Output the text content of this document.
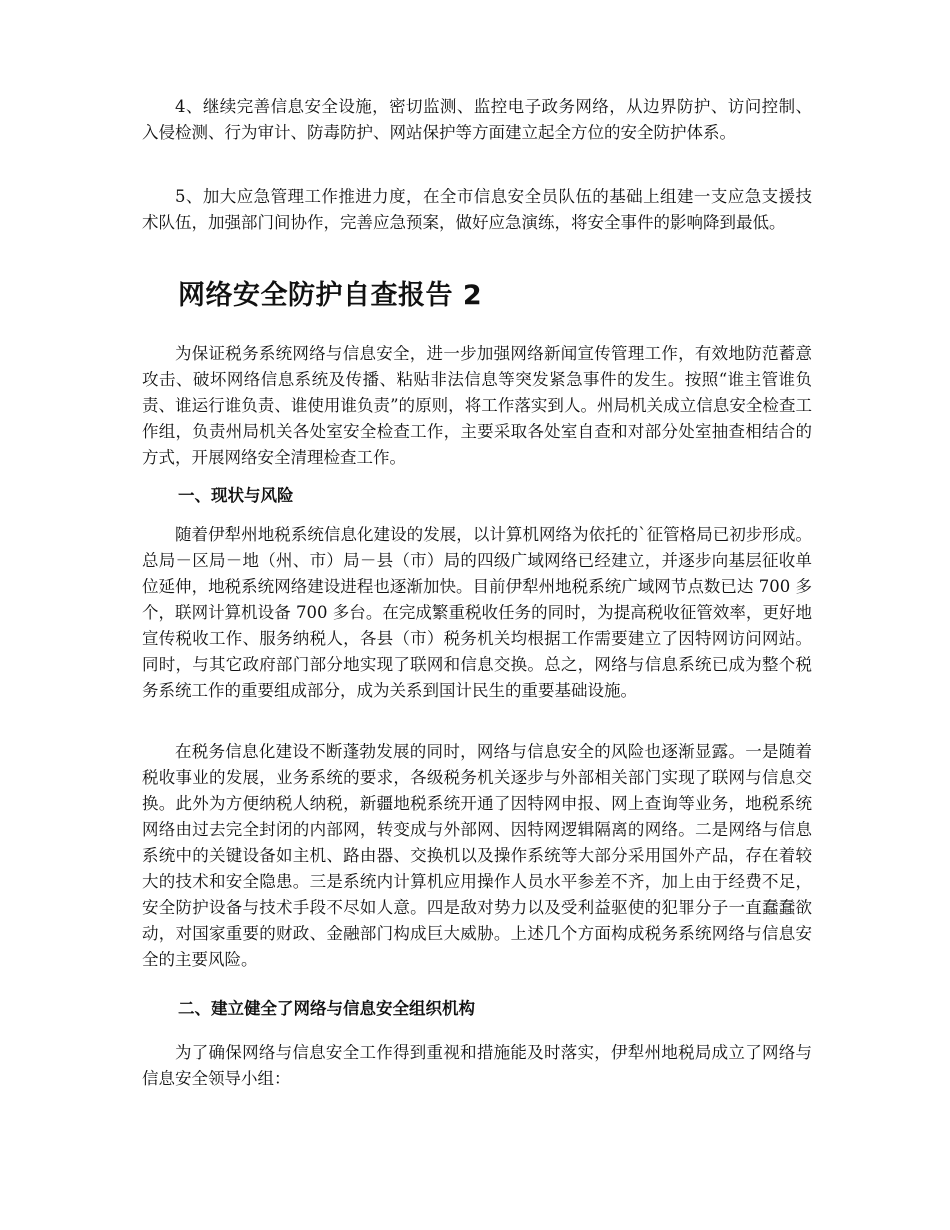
4、继续完善信息安全设施，密切监测、监控电子政务网络，从边界防护、访问控制、入侵检测、行为审计、防毒防护、网站保护等方面建立起全方位的安全防护体系。

5、加大应急管理工作推进力度，在全市信息安全员队伍的基础上组建一支应急支援技术队伍，加强部门间协作，完善应急预案，做好应急演练，将安全事件的影响降到最低。

网络安全防护自查报告 2

为保证税务系统网络与信息安全，进一步加强网络新闻宣传管理工作，有效地防范蓄意攻击、破坏网络信息系统及传播、粘贴非法信息等突发紧急事件的发生。按照“谁主管谁负责、谁运行谁负责、谁使用谁负责”的原则，将工作落实到人。州局机关成立信息安全检查工作组，负责州局机关各处室安全检查工作，主要采取各处室自查和对部分处室抽查相结合的方式，开展网络安全清理检查工作。

一、现状与风险

随着伊犁州地税系统信息化建设的发展，以计算机网络为依托的`征管格局已初步形成。总局－区局－地（州、市）局－县（市）局的四级广域网络已经建立，并逐步向基层征收单位延伸，地税系统网络建设进程也逐渐加快。目前伊犁州地税系统广域网节点数已达 700 多个，联网计算机设备 700 多台。在完成繁重税收任务的同时，为提高税收征管效率，更好地宣传税收工作、服务纳税人，各县（市）税务机关均根据工作需要建立了因特网访问网站。同时，与其它政府部门部分地实现了联网和信息交换。总之，网络与信息系统已成为整个税务系统工作的重要组成部分，成为关系到国计民生的重要基础设施。

在税务信息化建设不断蓬勃发展的同时，网络与信息安全的风险也逐渐显露。一是随着税收事业的发展，业务系统的要求，各级税务机关逐步与外部相关部门实现了联网与信息交换。此外为方便纳税人纳税，新疆地税系统开通了因特网申报、网上查询等业务，地税系统网络由过去完全封闭的内部网，转变成与外部网、因特网逻辑隔离的网络。二是网络与信息系统中的关键设备如主机、路由器、交换机以及操作系统等大部分采用国外产品，存在着较大的技术和安全隐患。三是系统内计算机应用操作人员水平参差不齐，加上由于经费不足，安全防护设备与技术手段不尽如人意。四是敌对势力以及受利益驱使的犯罪分子一直蠢蠢欲动，对国家重要的财政、金融部门构成巨大威胁。上述几个方面构成税务系统网络与信息安全的主要风险。

二、建立健全了网络与信息安全组织机构

为了确保网络与信息安全工作得到重视和措施能及时落实，伊犁州地税局成立了网络与信息安全领导小组：
